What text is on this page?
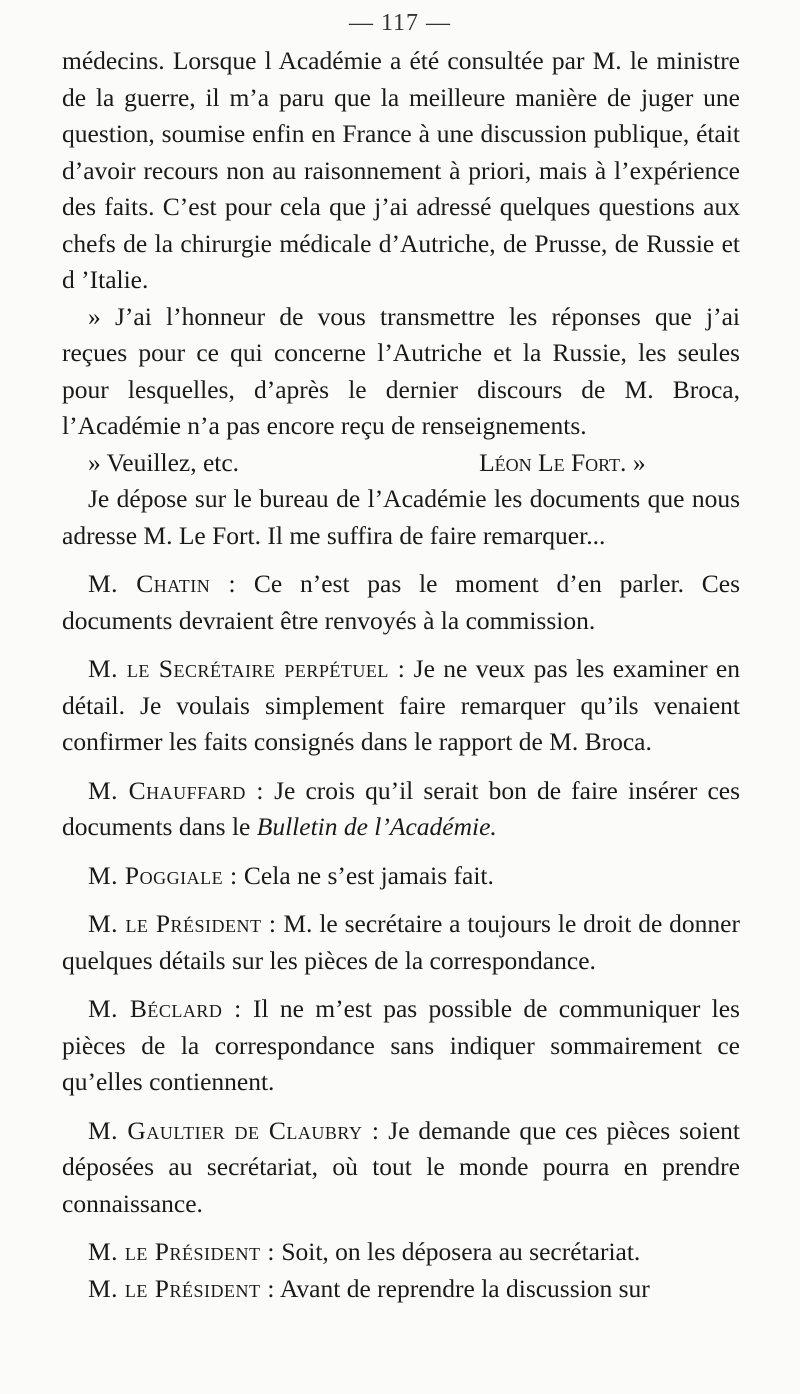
— 117 —

médecins. Lorsque l Académie a été consultée par M. le ministre de la guerre, il m’a paru que la meilleure manière de juger une question, soumise enfin en France à une discussion publique, était d’avoir recours non au raisonnement à priori, mais à l’expérience des faits. C’est pour cela que j’ai adressé quelques questions aux chefs de la chirurgie médicale d’Autriche, de Prusse, de Russie et d ’Italie.

» J’ai l’honneur de vous transmettre les réponses que j’ai reçues pour ce qui concerne l’Autriche et la Russie, les seules pour lesquelles, d’après le dernier discours de M. Broca, l’Académie n’a pas encore reçu de renseignements.

» Veuillez, etc.	Léon Le Fort. »

Je dépose sur le bureau de l’Académie les documents que nous adresse M. Le Fort. Il me suffira de faire remarquer...

M. Chatin : Ce n’est pas le moment d’en parler. Ces documents devraient être renvoyés à la commission.

M. le Secrétaire perpétuel : Je ne veux pas les examiner en détail. Je voulais simplement faire remarquer qu’ils venaient confirmer les faits consignés dans le rapport de M. Broca.

M. Chauffard : Je crois qu’il serait bon de faire insérer ces documents dans le Bulletin de l’Académie.

M. Poggiale : Cela ne s’est jamais fait.

M. le Président : M. le secrétaire a toujours le droit de donner quelques détails sur les pièces de la correspondance.

M. Béclard : Il ne m’est pas possible de communiquer les pièces de la correspondance sans indiquer sommairement ce qu’elles contiennent.

M. Gaultier de Claubry : Je demande que ces pièces soient déposées au secrétariat, où tout le monde pourra en prendre connaissance.

M. le Président : Soit, on les déposera au secrétariat.

M. le Président : Avant de reprendre la discussion sur
